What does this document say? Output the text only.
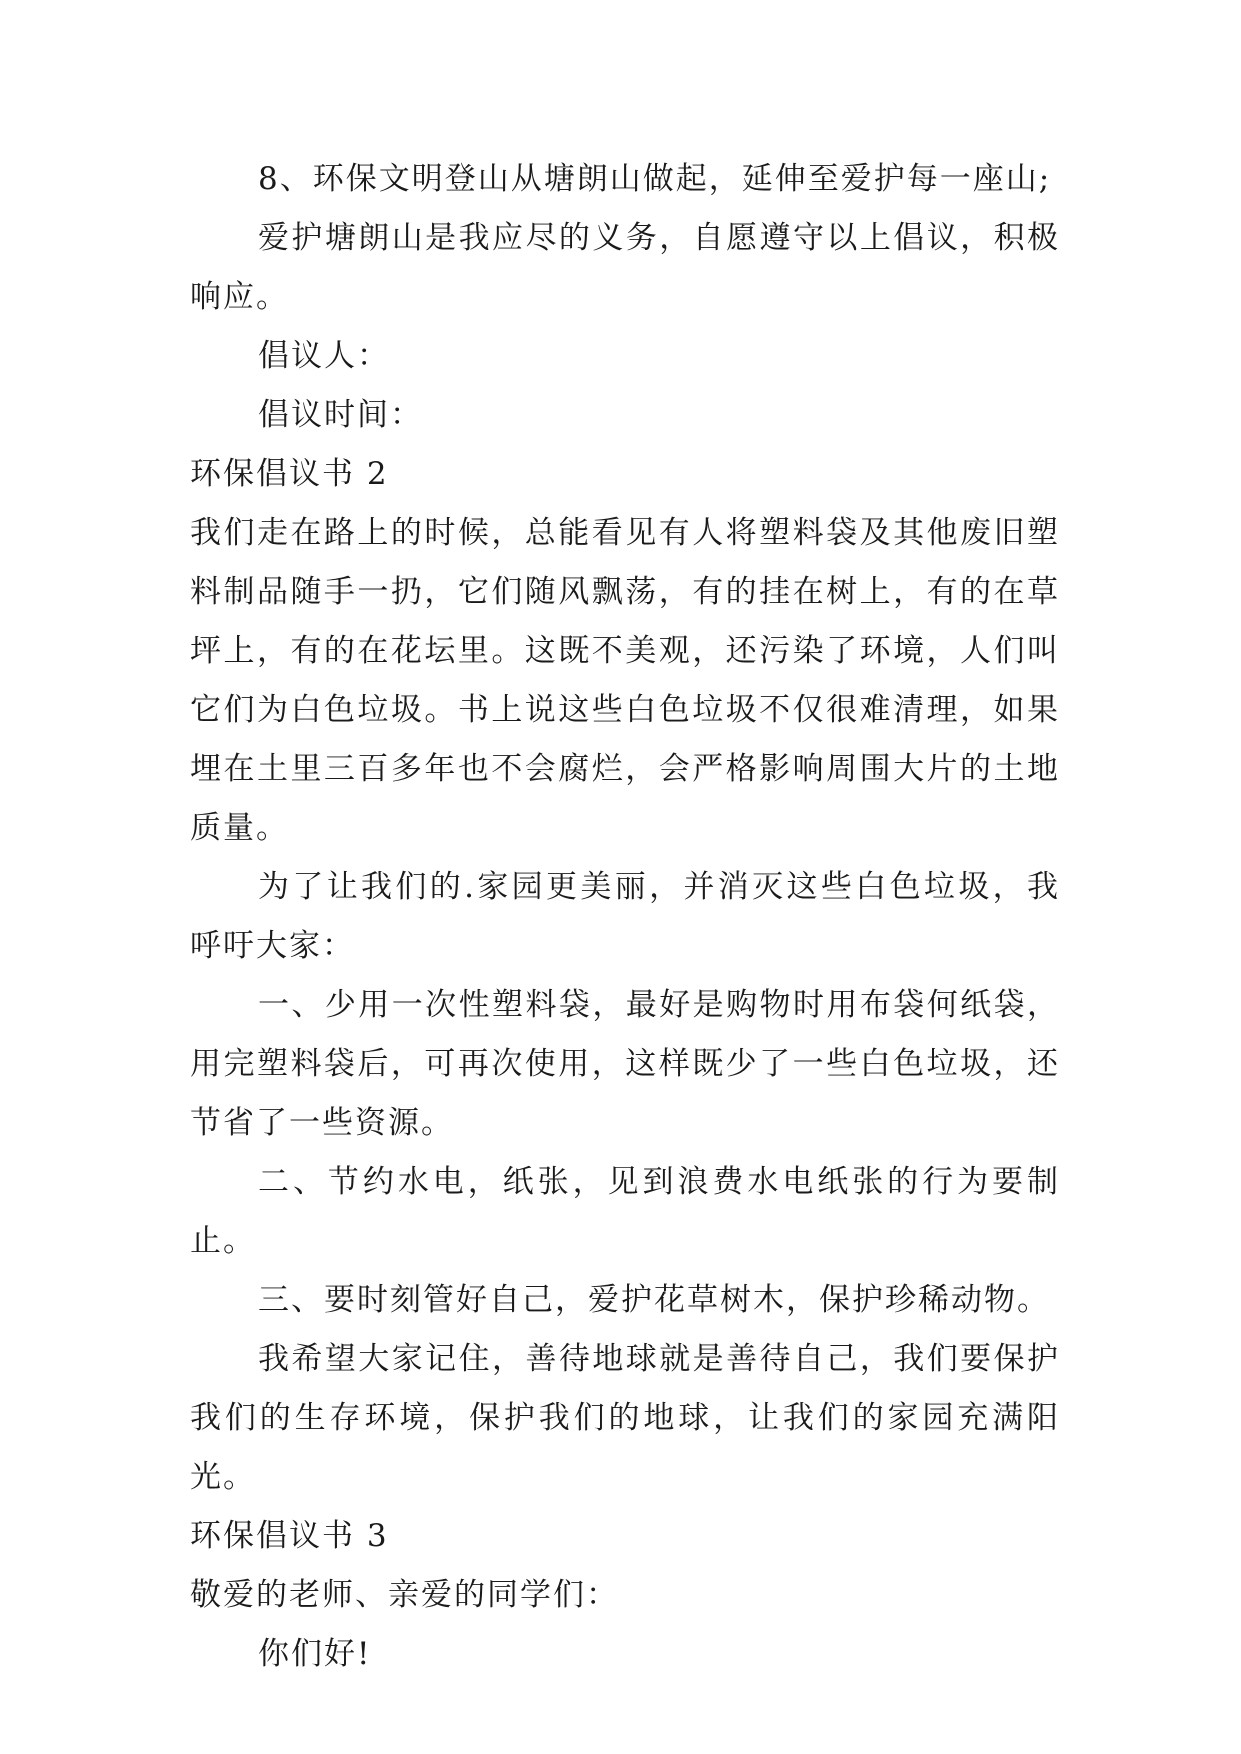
8、环保文明登山从塘朗山做起，延伸至爱护每一座山;

爱护塘朗山是我应尽的义务，自愿遵守以上倡议，积极响应。

倡议人：

倡议时间：

环保倡议书 2

我们走在路上的时候，总能看见有人将塑料袋及其他废旧塑料制品随手一扔，它们随风飘荡，有的挂在树上，有的在草坪上，有的在花坛里。这既不美观，还污染了环境，人们叫它们为白色垃圾。书上说这些白色垃圾不仅很难清理，如果埋在土里三百多年也不会腐烂，会严格影响周围大片的土地质量。

为了让我们的.家园更美丽，并消灭这些白色垃圾，我呼吁大家：

一、少用一次性塑料袋，最好是购物时用布袋何纸袋，用完塑料袋后，可再次使用，这样既少了一些白色垃圾，还节省了一些资源。

二、节约水电，纸张，见到浪费水电纸张的行为要制止。

三、要时刻管好自己，爱护花草树木，保护珍稀动物。

我希望大家记住，善待地球就是善待自己，我们要保护我们的生存环境，保护我们的地球，让我们的家园充满阳光。

环保倡议书 3

敬爱的老师、亲爱的同学们：

你们好!
